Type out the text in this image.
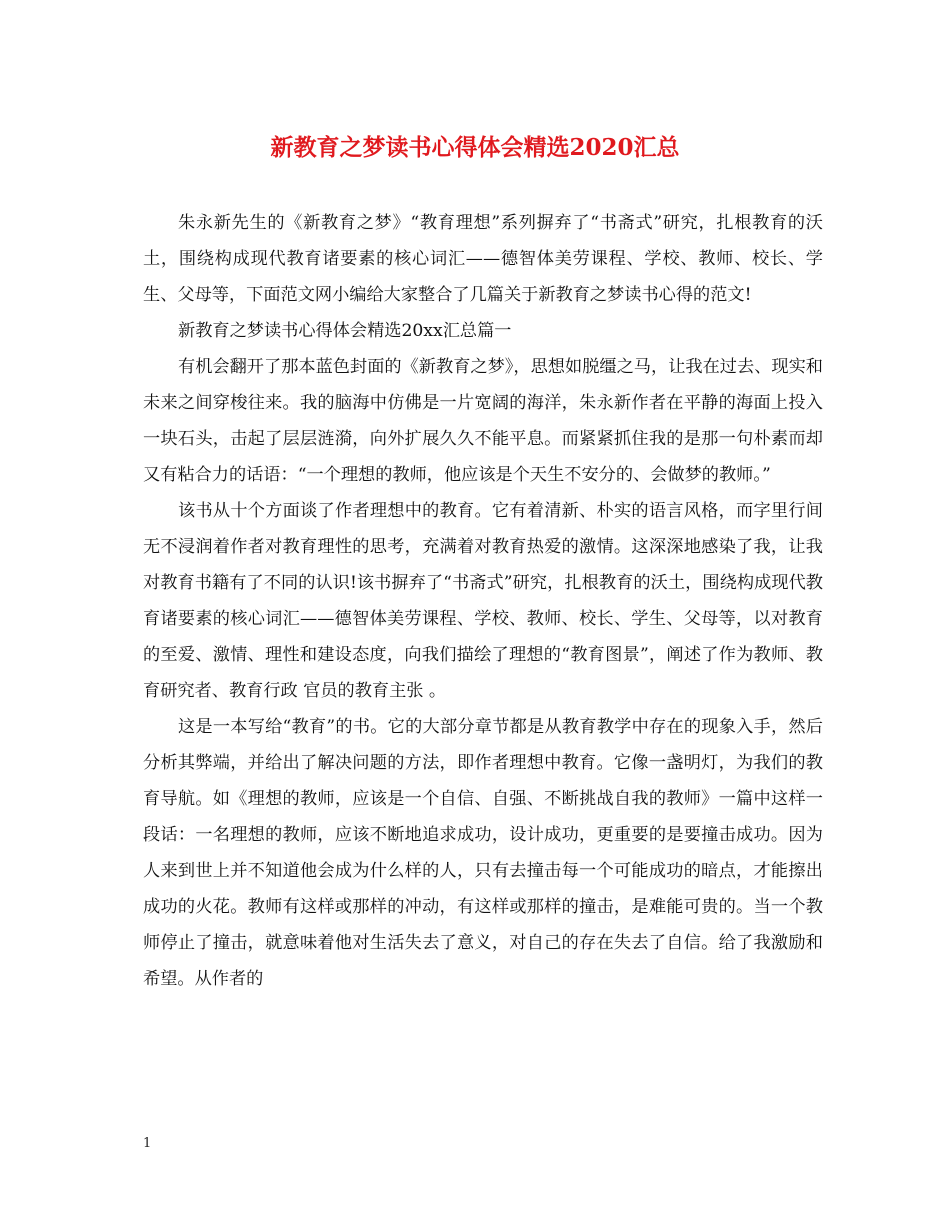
新教育之梦读书心得体会精选2020汇总

朱永新先生的《新教育之梦》“教育理想”系列摒弃了“书斋式”研究，扎根教育的沃土，围绕构成现代教育诸要素的核心词汇——德智体美劳课程、学校、教师、校长、学生、父母等，下面范文网小编给大家整合了几篇关于新教育之梦读书心得的范文!

新教育之梦读书心得体会精选20xx汇总篇一

有机会翻开了那本蓝色封面的《新教育之梦》，思想如脱缰之马，让我在过去、现实和未来之间穿梭往来。我的脑海中仿佛是一片宽阔的海洋，朱永新作者在平静的海面上投入一块石头，击起了层层涟漪，向外扩展久久不能平息。而紧紧抓住我的是那一句朴素而却又有粘合力的话语：“一个理想的教师，他应该是个天生不安分的、会做梦的教师。”

该书从十个方面谈了作者理想中的教育。它有着清新、朴实的语言风格，而字里行间无不浸润着作者对教育理性的思考，充满着对教育热爱的激情。这深深地感染了我，让我对教育书籍有了不同的认识!该书摒弃了“书斋式”研究，扎根教育的沃土，围绕构成现代教育诸要素的核心词汇——德智体美劳课程、学校、教师、校长、学生、父母等，以对教育的至爱、激情、理性和建设态度，向我们描绘了理想的“教育图景”，阐述了作为教师、教育研究者、教育行政 官员的教育主张 。

这是一本写给“教育”的书。它的大部分章节都是从教育教学中存在的现象入手，然后分析其弊端，并给出了解决问题的方法，即作者理想中教育。它像一盏明灯，为我们的教育导航。如《理想的教师，应该是一个自信、自强、不断挑战自我的教师》一篇中这样一段话：一名理想的教师，应该不断地追求成功，设计成功，更重要的是要撞击成功。因为人来到世上并不知道他会成为什么样的人，只有去撞击每一个可能成功的暗点，才能擦出成功的火花。教师有这样或那样的冲动，有这样或那样的撞击，是难能可贵的。当一个教师停止了撞击，就意味着他对生活失去了意义，对自己的存在失去了自信。给了我激励和希望。从作者的

1
